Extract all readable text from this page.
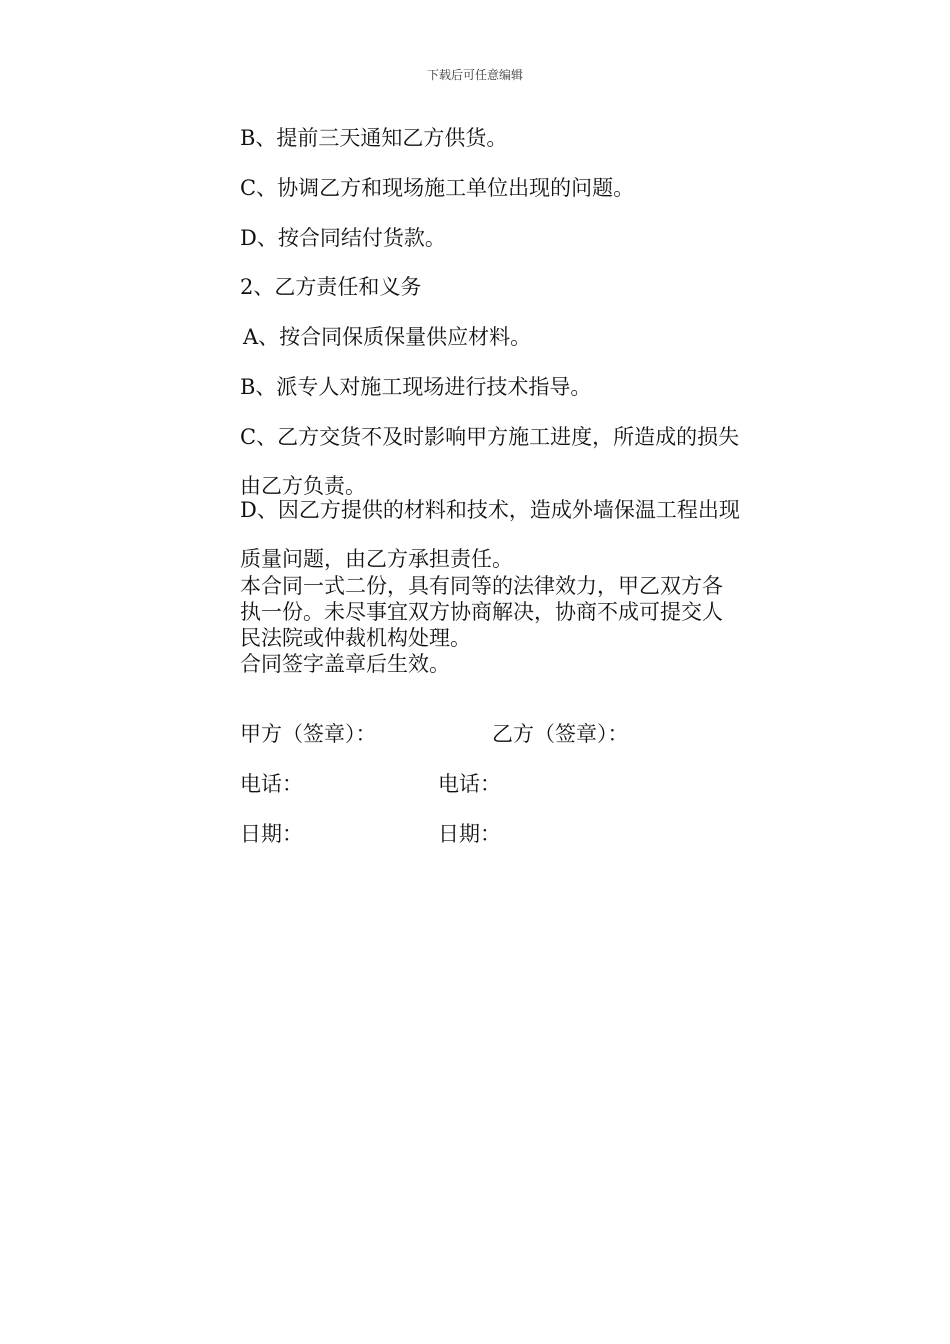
下载后可任意编辑
B、提前三天通知乙方供货。
C、协调乙方和现场施工单位出现的问题。
D、按合同结付货款。
2、乙方责任和义务
A、按合同保质保量供应材料。
B、派专人对施工现场进行技术指导。
C、乙方交货不及时影响甲方施工进度，所造成的损失
由乙方负责。
D、因乙方提供的材料和技术，造成外墙保温工程出现
质量问题，由乙方承担责任。
本合同一式二份，具有同等的法律效力，甲乙双方各
执一份。未尽事宜双方协商解决，协商不成可提交人
民法院或仲裁机构处理。
合同签字盖章后生效。
甲方（签章）：	乙方（签章）：
电话：	电话：
日期：	日期：
